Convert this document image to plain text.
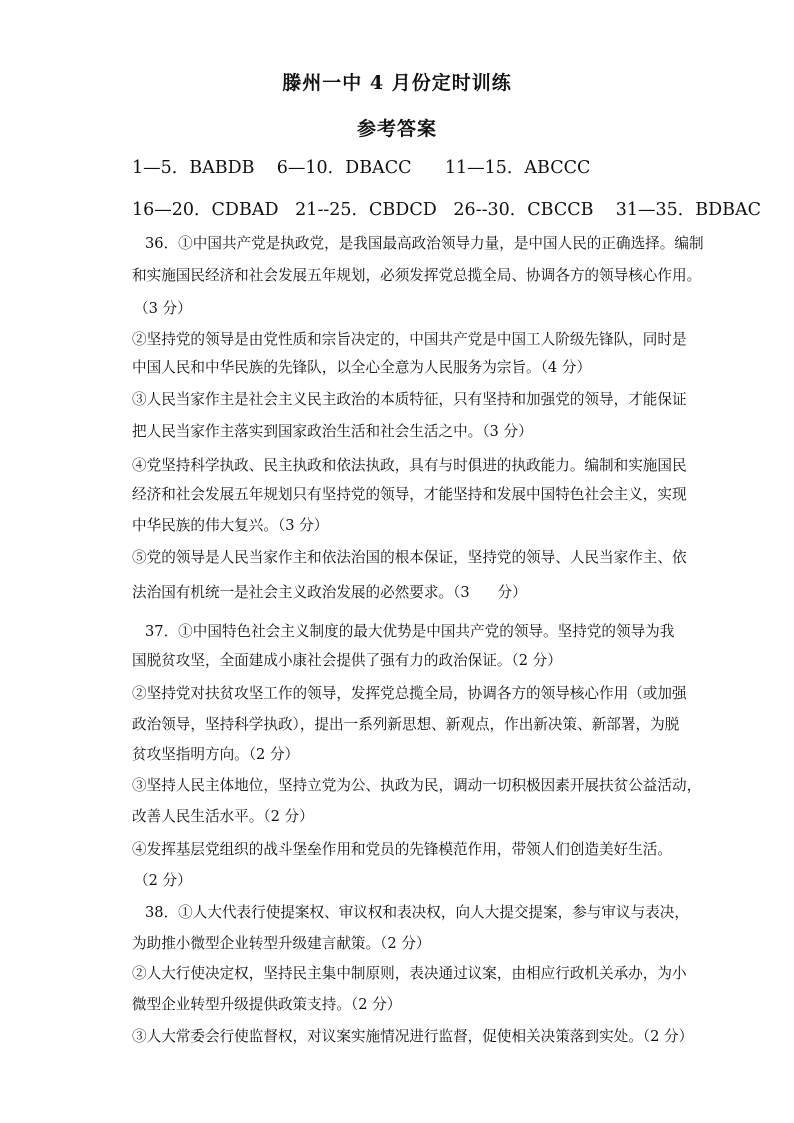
滕州一中 4 月份定时训练
参考答案
1—5．BABDB    6—10．DBACC      11—15．ABCCC
16—20．CDBAD   21--25．CBDCD   26--30．CBCCB    31—35．BDBAC
36．①中国共产党是执政党，是我国最高政治领导力量，是中国人民的正确选择。编制
和实施国民经济和社会发展五年规划，必须发挥党总揽全局、协调各方的领导核心作用。
（3 分）
②坚持党的领导是由党性质和宗旨决定的，中国共产党是中国工人阶级先锋队，同时是
中国人民和中华民族的先锋队，以全心全意为人民服务为宗旨。（4 分）
③人民当家作主是社会主义民主政治的本质特征，只有坚持和加强党的领导，才能保证
把人民当家作主落实到国家政治生活和社会生活之中。（3 分）
④党坚持科学执政、民主执政和依法执政，具有与时俱进的执政能力。编制和实施国民
经济和社会发展五年规划只有坚持党的领导，才能坚持和发展中国特色社会主义，实现
中华民族的伟大复兴。（3 分）
⑤党的领导是人民当家作主和依法治国的根本保证，坚持党的领导、人民当家作主、依
法治国有机统一是社会主义政治发展的必然要求。（3      分）
37．①中国特色社会主义制度的最大优势是中国共产党的领导。坚持党的领导为我
国脱贫攻坚，全面建成小康社会提供了强有力的政治保证。（2 分）
②坚持党对扶贫攻坚工作的领导，发挥党总揽全局，协调各方的领导核心作用（或加强
政治领导，坚持科学执政），提出一系列新思想、新观点，作出新决策、新部署，为脱
贫攻坚指明方向。（2 分）
③坚持人民主体地位，坚持立党为公、执政为民，调动一切积极因素开展扶贫公益活动，
改善人民生活水平。（2 分）
④发挥基层党组织的战斗堡垒作用和党员的先锋模范作用，带领人们创造美好生活。
（2 分）
38．①人大代表行使提案权、审议权和表决权，向人大提交提案，参与审议与表决，
为助推小微型企业转型升级建言献策。（2 分）
②人大行使决定权，坚持民主集中制原则，表决通过议案，由相应行政机关承办，为小
微型企业转型升级提供政策支持。（2 分）
③人大常委会行使监督权，对议案实施情况进行监督，促使相关决策落到实处。（2 分）
